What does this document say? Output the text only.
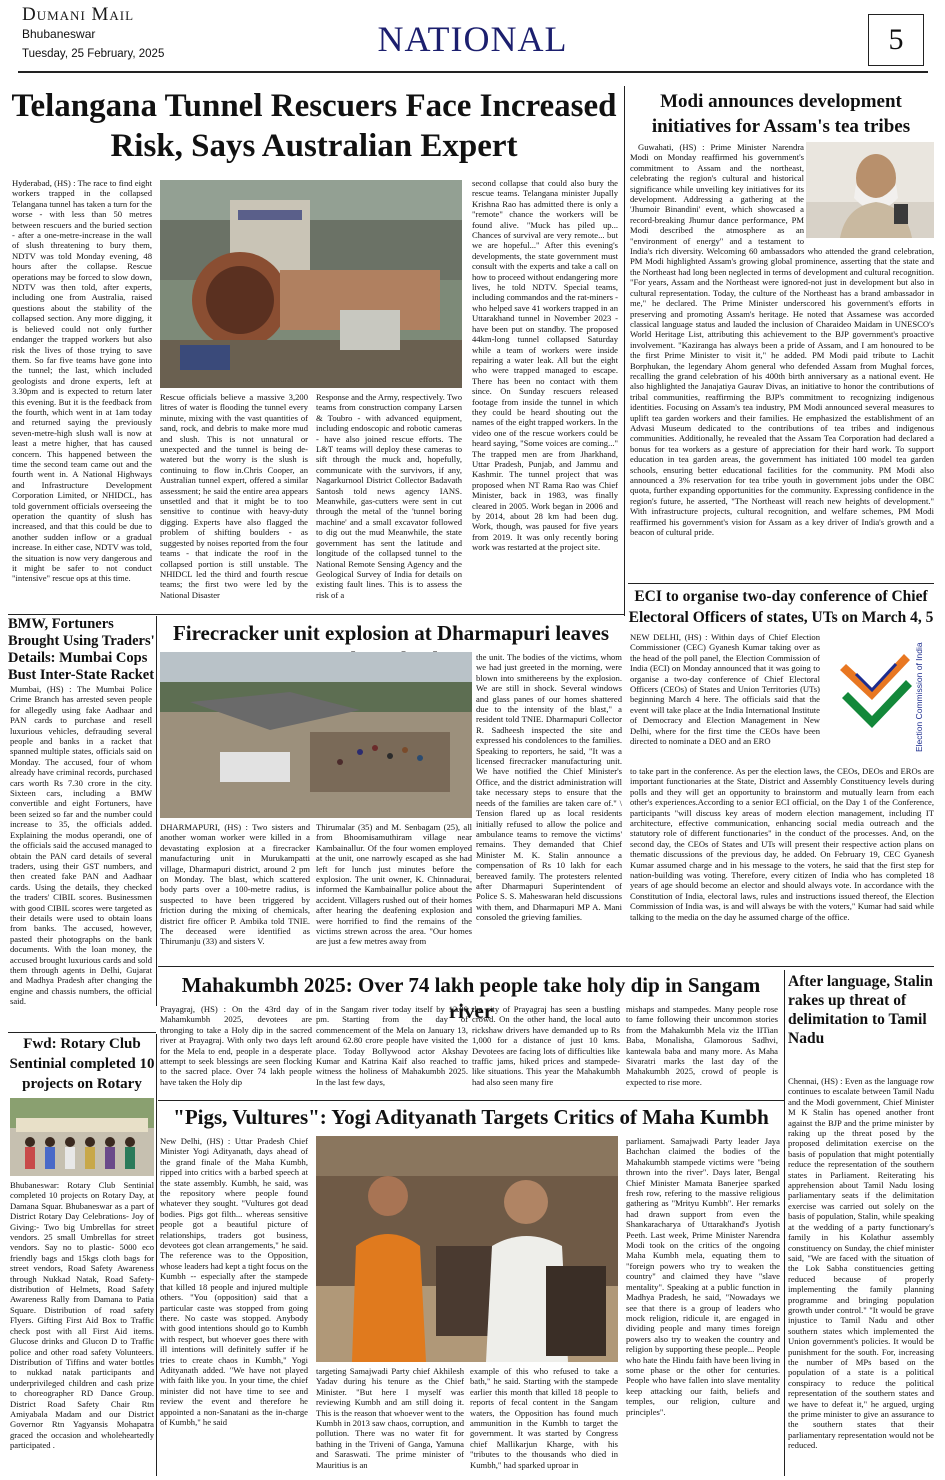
Dumani Mail
Bhubaneswar
Tuesday, 25 February, 2025	NATIONAL	5
Telangana Tunnel Rescuers Face Increased Risk, Says Australian Expert
Hyderabad, (HS) : The race to find eight workers trapped in the collapsed Telangana tunnel has taken a turn for the worse - with less than 50 metres between rescuers and the buried section - after a one-metre-increase in the wall of slush threatening to bury them, NDTV was told Monday evening, 48 hours after the collapse. Rescue operations may be forced to slow down, NDTV was then told, after experts, including one from Australia, raised questions about the stability of the collapsed section. Any more digging, it is believed could not only further endanger the trapped workers but also risk the lives of those trying to save them. So far five teams have gone into the tunnel; the last, which included geologists and drone experts, left at 3.30pm and is expected to return later this evening. But it is the feedback from the fourth, which went in at 1am today and returned saying the previously seven-metre-high slush wall is now at least a metre higher, that has caused concern. This happened between the time the second team came out and the fourth went in. A National Highways and Infrastructure Development Corporation Limited, or NHIDCL, has told government officials overseeing the operation the quantity of slush has increased, and that this could be due to another sudden inflow or a gradual increase. In either case, NDTV was told, the situation is now very dangerous and it might be safer to not conduct "intensive" rescue ops at this time.
Rescue officials believe a massive 3,200 litres of water is flooding the tunnel every minute, mixing with the vast quantities of sand, rock, and debris to make more mud and slush. This is not unnatural or unexpected and the tunnel is being de-watered but the worry is the slush is continuing to flow in.Chris Cooper, an Australian tunnel expert, offered a similar assessment; he said the entire area appears unsettled and that it might be to too sensitive to continue with heavy-duty digging. Experts have also flagged the problem of shifting boulders - as suggested by noises reported from the four teams - that indicate the roof in the collapsed portion is still unstable. The NHIDCL led the third and fourth rescue teams; the first two were led by the National Disaster
Response and the Army, respectively. Two teams from construction company Larsen & Toubro - with advanced equipment, including endoscopic and robotic cameras - have also joined rescue efforts. The L&T teams will deploy these cameras to sift through the muck and, hopefully, communicate with the survivors, if any, Nagarkurnool District Collector Badavath Santosh told news agency IANS. Meanwhile, gas-cutters were sent in cut through the metal of the 'tunnel boring machine' and a small excavator followed to dig out the mud Meanwhile, the state government has sent the latitude and longitude of the collapsed tunnel to the National Remote Sensing Agency and the Geological Survey of India for details on existing fault lines. This is to assess the risk of a
second collapse that could also bury the rescue teams. Telangana minister Jupally Krishna Rao has admitted there is only a "remote" chance the workers will be found alive. "Muck has piled up... Chances of survival are very remote... but we are hopeful..." After this evening's developments, the state government must consult with the experts and take a call on how to proceed without endangering more lives, he told NDTV. Special teams, including commandos and the rat-miners - who helped save 41 workers trapped in an Uttarakhand tunnel in November 2023 - have been put on standby. The proposed 44km-long tunnel collapsed Saturday while a team of workers were inside repairing a water leak. All but the eight who were trapped managed to escape. There has been no contact with them since. On Sunday rescuers released footage from inside the tunnel in which they could be heard shouting out the names of the eight trapped workers. In the video one of the rescue workers could be heard saying, "Some voices are coming..." The trapped men are from Jharkhand, Uttar Pradesh, Punjab, and Jammu and Kashmir. The tunnel project that was proposed when NT Rama Rao was Chief Minister, back in 1983, was finally cleared in 2005. Work began in 2006 and by 2014, about 28 km had been dug. Work, though, was paused for five years from 2019. It was only recently boring work was restarted at the project site.
Modi announces development initiatives for Assam's tea tribes

Guwahati, (HS) : Prime Minister Narendra Modi on Monday reaffirmed his government's commitment to Assam and the northeast, celebrating the region's cultural and historical significance while unveiling key initiatives for its development. Addressing a gathering at the 'Jhumoir Binandini' event, which showcased a record-breaking Jhumur dance performance, PM Modi described the atmosphere as an "environment of energy" and a testament to India's rich diversity. Welcoming 60 ambassadors who attended the grand celebration, PM Modi highlighted Assam's growing global prominence, asserting that the state and the Northeast had long been neglected in terms of development and cultural recognition. "For years, Assam and the Northeast were ignored-not just in development but also in cultural representation. Today, the culture of the Northeast has a brand ambassador in me," he declared. The Prime Minister underscored his government's efforts in preserving and promoting Assam's heritage. He noted that Assamese was accorded classical language status and lauded the inclusion of Charaideo Maidam in UNESCO's World Heritage List, attributing this achievement to the BJP government's proactive involvement. "Kaziranga has always been a pride of Assam, and I am honoured to be the first Prime Minister to visit it," he added. PM Modi paid tribute to Lachit Borphukan, the legendary Ahom general who defended Assam from Mughal forces, recalling the grand celebration of his 400th birth anniversary as a national event. He also highlighted the Janajatiya Gaurav Divas, an initiative to honor the contributions of tribal communities, reaffirming the BJP's commitment to recognizing indigenous identities. Focusing on Assam's tea industry, PM Modi announced several measures to uplift tea garden workers and their families. He emphasized the establishment of an Advasi Museum dedicated to the contributions of tea tribes and indigenous communities. Additionally, he revealed that the Assam Tea Corporation had declared a bonus for tea workers as a gesture of appreciation for their hard work. To support education in tea garden areas, the government has initiated 100 model tea garden schools, ensuring better educational facilities for the community. PM Modi also announced a 3% reservation for tea tribe youth in government jobs under the OBC quota, further expanding opportunities for the community. Expressing confidence in the region's future, he asserted, "The Northeast will reach new heights of development." With infrastructure projects, cultural recognition, and welfare schemes, PM Modi reaffirmed his government's vision for Assam as a key driver of India's growth and a beacon of cultural pride.

ECI to organise two-day conference of Chief Electoral Officers of states, UTs on March 4, 5
NEW DELHI, (HS) : Within days of Chief Election Commissioner (CEC) Gyanesh Kumar taking over as the head of the poll panel, the Election Commission of India (ECI) on Monday announced that it was going to organise a two-day conference of Chief Electoral Officers (CEOs) of States and Union Territories (UTs) beginning March 4 here. The officials said that the event will take place at the India International Institute of Democracy and Election Management in New Delhi, where for the first time the CEOs have been directed to nominate a DEO and an ERO	Election Commission of India
to take part in the conference. As per the election laws, the CEOs, DEOs and EROs are important functionaries at the State, District and Assembly Constituency levels during polls and they will get an opportunity to brainstorm and mutually learn from each other's experiences.According to a senior ECI official, on the Day 1 of the Conference, participants "will discuss key areas of modern election management, including IT architecture, effective communication, enhancing social media outreach and the statutory role of different functionaries" in the conduct of the processes. And, on the second day, the CEOs of States and UTs will present their respective action plans on thematic discussions of the previous day, he added. On February 19, CEC Gyanesh Kumar assumed charge and in his message to the voters, he said that the first step for nation-building was voting. Therefore, every citizen of India who has completed 18 years of age should become an elector and should always vote. In accordance with the Constitution of India, electoral laws, rules and instructions issued thereof, the Election Commission of India was, is and will always be with the voters," Kumar had said while talking to the media on the day he assumed charge of the office.
BMW, Fortuners Brought Using Traders' Details: Mumbai Cops Bust Inter-State Racket
Mumbai, (HS) : The Mumbai Police Crime Branch has arrested seven people for allegedly using fake Aadhaar and PAN cards to purchase and resell luxurious vehicles, defrauding several people and banks in a racket that spanned multiple states, officials said on Monday. The accused, four of whom already have criminal records, purchased cars worth Rs 7.30 crore in the city. Sixteen cars, including a BMW convertible and eight Fortuners, have been seized so far and the number could increase to 35, the officials added. Explaining the modus operandi, one of the officials said the accused managed to obtain the PAN card details of several traders, using their GST numbers, and then created fake PAN and Aadhaar cards. Using the details, they checked the traders' CIBIL scores. Businessmen with good CIBIL scores were targeted as their details were used to obtain loans from banks. The accused, however, pasted their photographs on the bank documents. With the loan money, the accused brought luxurious cards and sold them through agents in Delhi, Gujarat and Madhya Pradesh after changing the engine and chassis numbers, the official said.
Firecracker unit explosion at Dharmapuri leaves
DHARMAPURI, (HS) : Two sisters and another woman worker were killed in a devastating explosion at a firecracker manufacturing unit in Murukampatti village, Dharmapuri district, around 2 pm on Monday. The blast, which scattered body parts over a 100-metre radius, is suspected to have been triggered by friction during the mixing of chemicals, district fire officer P. Ambika told TNIE. The deceased were identified as Thirumanju (33) and sisters V.
Thirumalar (35) and M. Senbagam (25), all from Bhoomisamuthiram village near Kambainallur. Of the four women employed at the unit, one narrowly escaped as she had left for lunch just minutes before the explosion. The unit owner, K. Chinnadurai, informed the Kambainallur police about the accident. Villagers rushed out of their homes after hearing the deafening explosion and were horrified to find the remains of the victims strewn across the area. "Our homes are just a few metres away from
the unit. The bodies of the victims, whom we had just greeted in the morning, were blown into smithereens by the explosion. We are still in shock. Several windows and glass panes of our homes shattered due to the intensity of the blast," a resident told TNIE. Dharmapuri Collector R. Sadheesh inspected the site and expressed his condolences to the families. Speaking to reporters, he said, "It was a licensed firecracker manufacturing unit. We have notified the Chief Minister's Office, and the district administration will take necessary steps to ensure that the needs of the families are taken care of." \ Tension flared up as local residents initially refused to allow the police and ambulance teams to remove the victims' remains. They demanded that Chief Minister M. K. Stalin announce a compensation of Rs 10 lakh for each bereaved family. The protesters relented after Dharmapuri Superintendent of Police S. S. Maheswaran held discussions with them, and Dharmapuri MP A. Mani consoled the grieving families.
Mahakumbh 2025: Over 74 lakh people take holy dip in Sangam river
Prayagraj, (HS) : On the 43rd day of Mahamkumbh 2025, devotees are thronging to take a Holy dip in the sacred river at Prayagraj. With only two days left for the Mela to end, people in a desperate attempt to seek blessings are seen flocking to the sacred place. Over 74 lakh people have taken the Holy dip
in the Sangam river today itself by 12.00 pm. Starting from the day of commencement of the Mela on January 13, around 62.80 crore people have visited the place. Today Bollywood actor Akshay Kumar and Katrina Kaif also reached to witness the holiness of Mahakumbh 2025. In the last few days,
the city of Prayagraj has seen a bustling crowd. On the other hand, the local auto rickshaw drivers have demanded up to Rs 1,000 for a distance of just 10 kms. Devotees are facing lots of difficulties like traffic jams, hiked prices and stampede-like situations. This year the Mahakumbh had also seen many fire
mishaps and stampedes. Many people rose to fame following their uncommon stories from the Mahakumbh Mela viz the IITian Baba, Monalisha, Glamorous Sadhvi, kantewala baba and many more. As Maha Sivaratri marks the last day of the Mahakumbh 2025, crowd of people is expected to rise more.
After language, Stalin rakes up threat of delimitation to Tamil Nadu
Chennai, (HS) : Even as the language row continues to escalate between Tamil Nadu and the Modi government, Chief Minister M K Stalin has opened another front against the BJP and the prime minister by raking up the threat posed by the proposed delimitation exercise on the basis of population that might potentially reduce the representation of the southern states in Parliament. Reiterating his apprehension about Tamil Nadu losing parliamentary seats if the delimitation exercise was carried out solely on the basis of population, Stalin, while speaking at the wedding of a party functionary's family in his Kolathur assembly constituency on Sunday, the chief minister said, "We are faced with the situation of the Lok Sabha constituencies getting reduced because of properly implementing the family planning programme and bringing population growth under control." "It would be grave injustice to Tamil Nadu and other southern states which implemented the Union government's policies. It would be punishment for the south. For, increasing the number of MPs based on the population of a state is a political conspiracy to reduce the political representation of the southern states and we have to defeat it," he argued, urging the prime minister to give an assurance to the southern states that their parliamentary representation would not be reduced.
Fwd: Rotary Club Sentinial completed 10 projects on Rotary
Bhubaneswar: Rotary Club Sentinial completed 10 projects on Rotary Day, at Damana Squar. Bhubaneswar as a part of District Rotary Day Celebrations- Joy of Giving:- Two big Umbrellas for street vendors. 25 small Umbrellas for street vendors. Say no to plastic- 5000 eco friendly bags and 15kgs cloth bags for street vendors, Road Safety Awareness through Nukkad Natak, Road Safety- distribution of Helmets, Road Safety Awareness Rally from Damana to Patia Square. Distribution of road safety Flyers. Gifting First Aid Box to Traffic check post with all First Aid items. Glucose drinks and Glucon D to Traffic police and other road safety Volunteers. Distribution of Tiffins and water bottles to nukkad natak participants and underprivileged children and cash prize to choreographer RD Dance Group. District Road Safety Chair Rtn Amiyabala Madam and our District Governor Rtn Yagyansis Mohapatra graced the occasion and wholeheartedly participated .
"Pigs, Vultures": Yogi Adityanath Targets Critics of Maha Kumbh
New Delhi, (HS) : Uttar Pradesh Chief Minister Yogi Adityanath, days ahead of the grand finale of the Maha Kumbh, ripped into critics with a barbed speech at the state assembly. Kumbh, he said, was the repository where people found whatever they sought. "Vultures got dead bodies. Pigs got filth... whereas sensitive people got a beautiful picture of relationships, traders got business, devotees got clean arrangements," he said. The reference was to the Opposition, whose leaders had kept a tight focus on the Kumbh -- especially after the stampede that killed 18 people and injured multiple others. "You (opposition) said that a particular caste was stopped from going there. No caste was stopped. Anybody with good intentions should go to Kumbh with respect, but whoever goes there with ill intentions will definitely suffer if he tries to create chaos in Kumbh," Yogi Adityanath added. "We have not played with faith like you. In your time, the chief minister did not have time to see and review the event and therefore he appointed a non-Sanatani as the in-charge of Kumbh," he said
targeting Samajwadi Party chief Akhilesh Yadav during his tenure as the Chief Minister. "But here I myself was reviewing Kumbh and am still doing it. This is the reason that whoever went to the Kumbh in 2013 saw chaos, corruption, and pollution. There was no water fit for bathing in the Triveni of Ganga, Yamuna and Saraswati. The prime minister of Mauritius is an
example of this who refused to take a bath," he said. Starting with the stampede earlier this month that killed 18 people to reports of fecal content in the Sangam waters, the Opposition has found much ammunition in the Kumbh to target the government. It was started by Congress chief Mallikarjun Kharge, with his "tributes to the thousands who died in Kumbh," had sparked uproar in
parliament. Samajwadi Party leader Jaya Bachchan claimed the bodies of the Mahakumbh stampede victims were "being thrown into the river". Days later, Bengal Chief Minister Mamata Banerjee sparked fresh row, refering to the massive religious gathering as "Mrityu Kumbh". Her remarks had drawn support from even the Shankaracharya of Uttarakhand's Jyotish Peeth. Last week, Prime Minister Narendra Modi took on the critics of the ongoing Maha Kumbh mela, equating them to "foreign powers who try to weaken the country" and claimed they have "slave mentality". Speaking at a public function in Madhya Pradesh, he said, "Nowadays we see that there is a group of leaders who mock religion, ridicule it, are engaged in dividing people and many times foreign powers also try to weaken the country and religion by supporting these people... People who hate the Hindu faith have been living in some phase or the other for centuries. People who have fallen into slave mentality keep attacking our faith, beliefs and temples, our religion, culture and principles".
